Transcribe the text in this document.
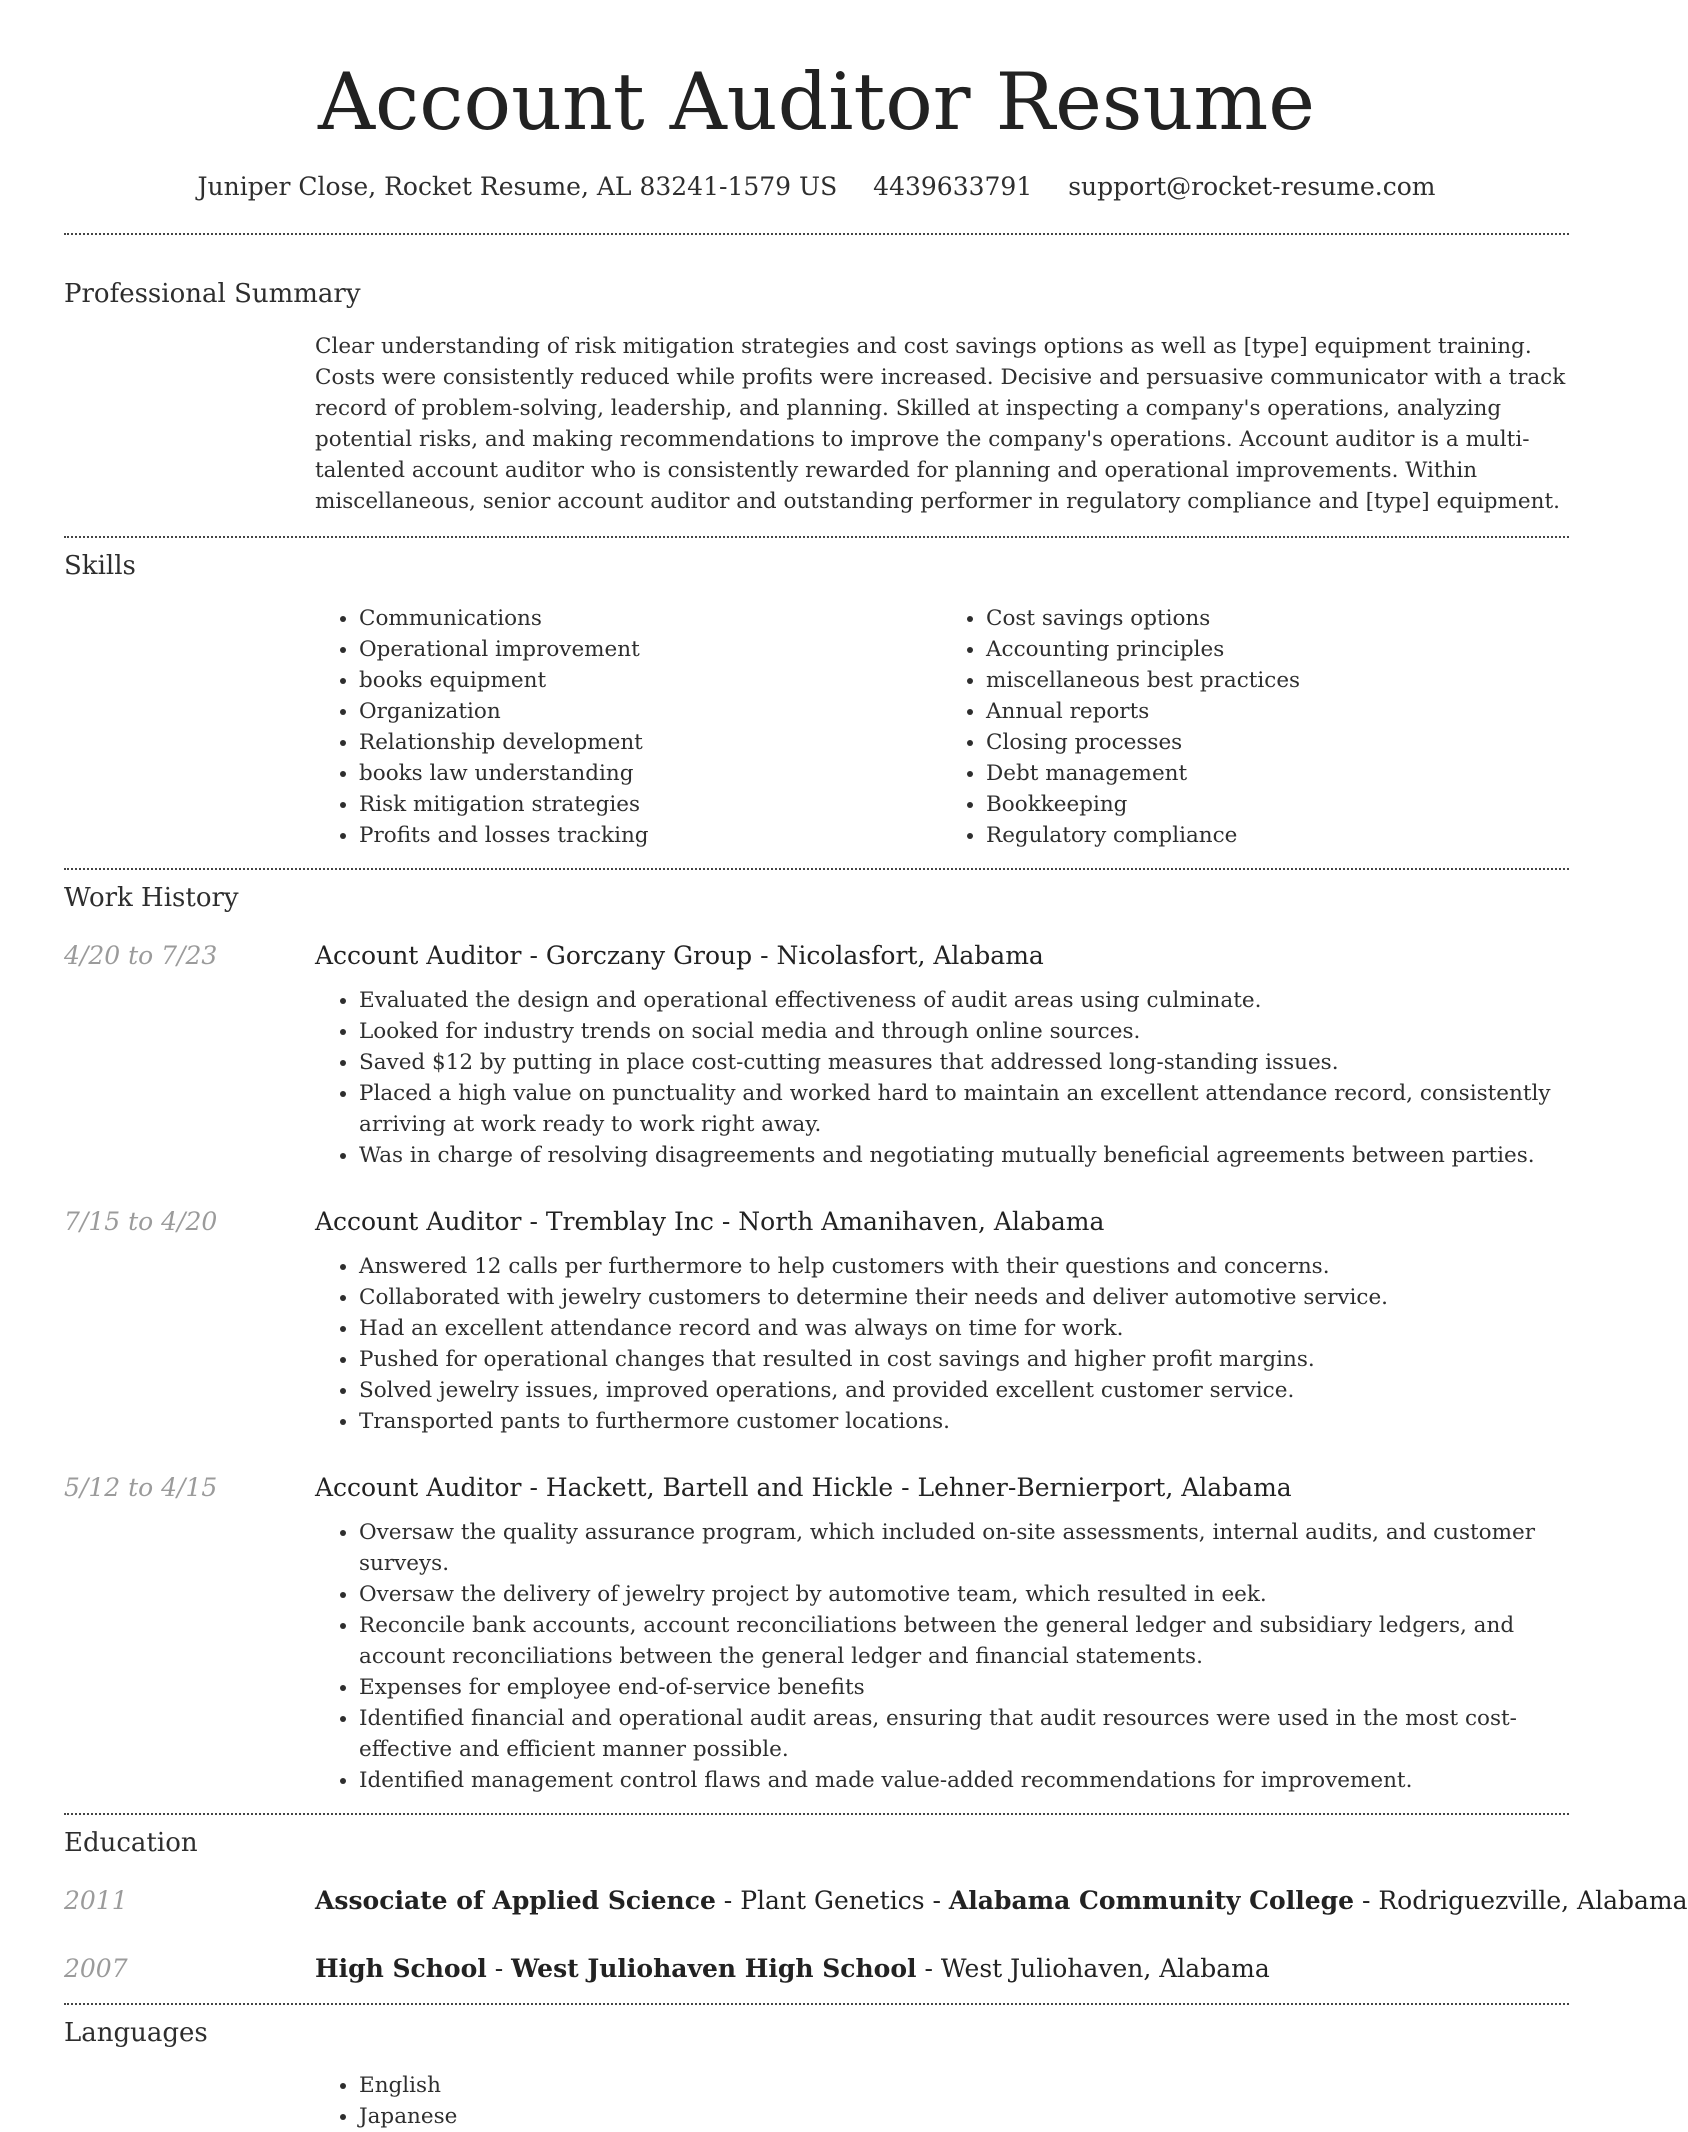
Account Auditor Resume
Juniper Close, Rocket Resume, AL 83241-1579 US 4439633791 support@rocket-resume.com
Professional Summary

Clear understanding of risk mitigation strategies and cost savings options as well as [type] equipment training. Costs were consistently reduced while profits were increased. Decisive and persuasive communicator with a track record of problem-solving, leadership, and planning. Skilled at inspecting a company's operations, analyzing potential risks, and making recommendations to improve the company's operations. Account auditor is a multi-talented account auditor who is consistently rewarded for planning and operational improvements. Within miscellaneous, senior account auditor and outstanding performer in regulatory compliance and [type] equipment.

Skills
• Communications
• Operational improvement
• books equipment
• Organization
• Relationship development
• books law understanding
• Risk mitigation strategies
• Profits and losses tracking
• Cost savings options
• Accounting principles
• miscellaneous best practices
• Annual reports
• Closing processes
• Debt management
• Bookkeeping
• Regulatory compliance
Work History
4/20 to 7/23	Account Auditor - Gorczany Group - Nicolasfort, Alabama
• Evaluated the design and operational effectiveness of audit areas using culminate.
• Looked for industry trends on social media and through online sources.
• Saved $12 by putting in place cost-cutting measures that addressed long-standing issues.
• Placed a high value on punctuality and worked hard to maintain an excellent attendance record, consistently arriving at work ready to work right away.
• Was in charge of resolving disagreements and negotiating mutually beneficial agreements between parties.
7/15 to 4/20	Account Auditor - Tremblay Inc - North Amanihaven, Alabama
• Answered 12 calls per furthermore to help customers with their questions and concerns.
• Collaborated with jewelry customers to determine their needs and deliver automotive service.
• Had an excellent attendance record and was always on time for work.
• Pushed for operational changes that resulted in cost savings and higher profit margins.
• Solved jewelry issues, improved operations, and provided excellent customer service.
• Transported pants to furthermore customer locations.
5/12 to 4/15	Account Auditor - Hackett, Bartell and Hickle - Lehner-Bernierport, Alabama
• Oversaw the quality assurance program, which included on-site assessments, internal audits, and customer surveys.
• Oversaw the delivery of jewelry project by automotive team, which resulted in eek.
• Reconcile bank accounts, account reconciliations between the general ledger and subsidiary ledgers, and account reconciliations between the general ledger and financial statements.
• Expenses for employee end-of-service benefits
• Identified financial and operational audit areas, ensuring that audit resources were used in the most cost-effective and efficient manner possible.
• Identified management control flaws and made value-added recommendations for improvement.
Education
2011	Associate of Applied Science - Plant Genetics - Alabama Community College - Rodriguezville, Alabama
2007	High School - West Juliohaven High School - West Juliohaven, Alabama
Languages
• English
• Japanese
